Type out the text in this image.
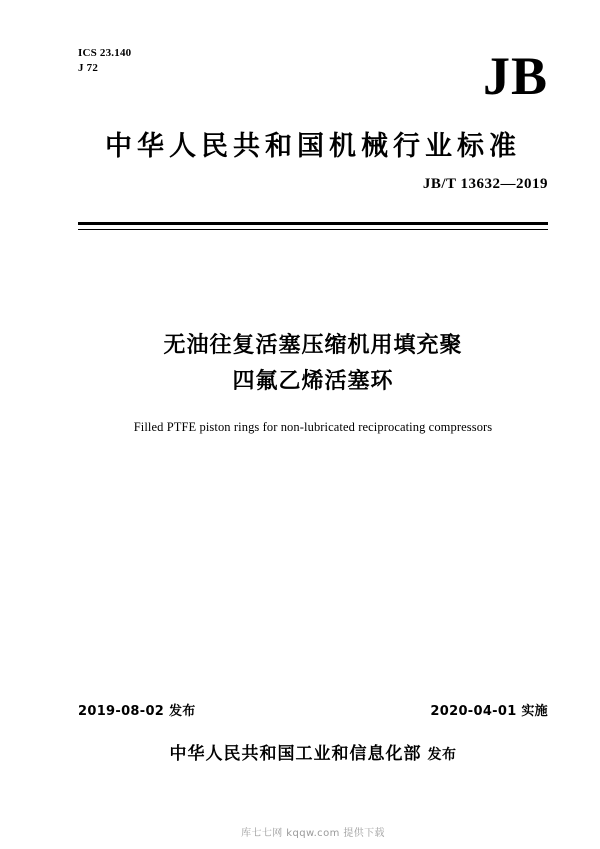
ICS 23.140
J 72	JB
中华人民共和国机械行业标准
JB/T 13632—2019
无油往复活塞压缩机用填充聚
四氟乙烯活塞环
Filled PTFE piston rings for non-lubricated reciprocating compressors
2019-08-02 发布	2020-04-01 实施
中华人民共和国工业和信息化部 发布
库七七网 kqqw.com 提供下载
